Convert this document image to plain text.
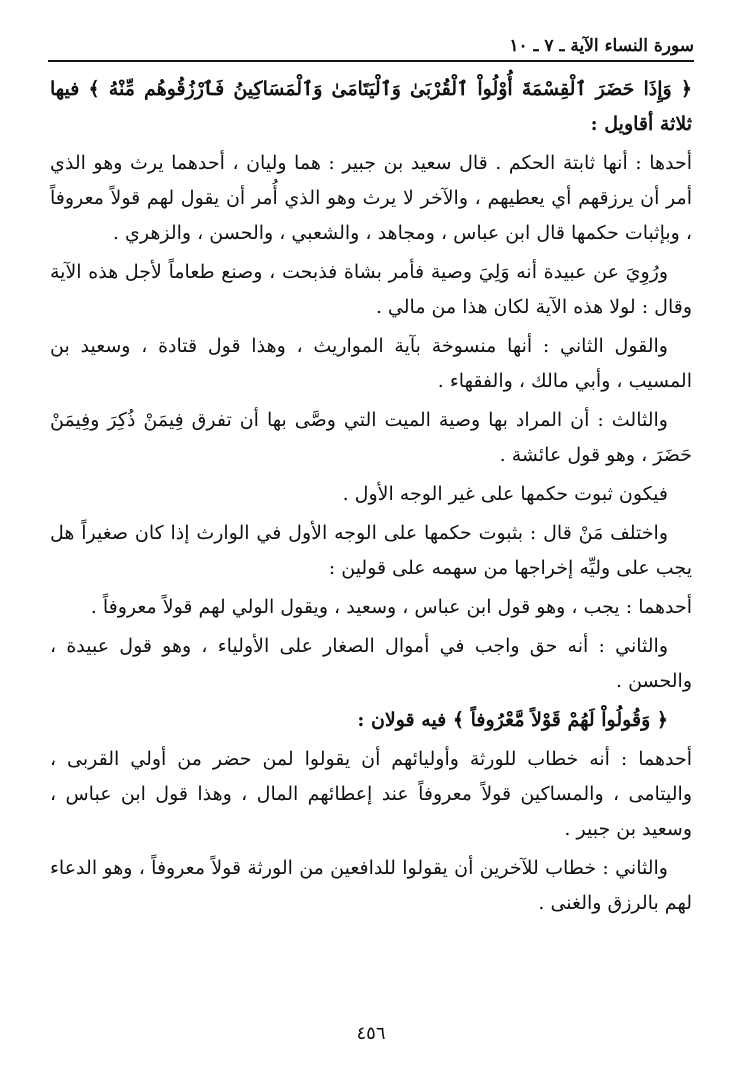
سورة النساء الآية ـ ٧ ـ ١٠

﴿ وَإِذَا حَضَرَ ٱلْقِسْمَةَ أُوْلُواْ ٱلْقُرْبَىٰ وَٱلْيَتَامَىٰ وَٱلْمَسَاكِينُ فَٱرْزُقُوهُم مِّنْهُ ﴾ فيها ثلاثة أقاويل :

أحدها : أنها ثابتة الحكم . قال سعيد بن جبير : هما وليان ، أحدهما يرث وهو الذي أمر أن يرزقهم أي يعطيهم ، والآخر لا يرث وهو الذي أُمر أن يقول لهم قولاً معروفاً ، وبإثبات حكمها قال ابن عباس ، ومجاهد ، والشعبي ، والحسن ، والزهري .

ورُوِيَ عن عبيدة أنه وَلِيَ وصية فأمر بشاة فذبحت ، وصنع طعاماً لأجل هذه الآية وقال : لولا هذه الآية لكان هذا من مالي .

والقول الثاني : أنها منسوخة بآية المواريث ، وهذا قول قتادة ، وسعيد بن المسيب ، وأبي مالك ، والفقهاء .

والثالث : أن المراد بها وصية الميت التي وصَّى بها أن تفرق فِيمَنْ ذُكِرَ وفِيمَنْ حَضَرَ ، وهو قول عائشة .

فيكون ثبوت حكمها على غير الوجه الأول .

واختلف مَنْ قال : بثبوت حكمها على الوجه الأول في الوارث إذا كان صغيراً هل يجب على وليِّه إخراجها من سهمه على قولين :

أحدهما : يجب ، وهو قول ابن عباس ، وسعيد ، ويقول الولي لهم قولاً معروفاً .

والثاني : أنه حق واجب في أموال الصغار على الأولياء ، وهو قول عبيدة ، والحسن .

﴿ وَقُولُواْ لَهُمْ قَوْلاً مَّعْرُوفاً ﴾ فيه قولان :

أحدهما : أنه خطاب للورثة وأوليائهم أن يقولوا لمن حضر من أولي القربى ، واليتامى ، والمساكين قولاً معروفاً عند إعطائهم المال ، وهذا قول ابن عباس ، وسعيد بن جبير .

والثاني : خطاب للآخرين أن يقولوا للدافعين من الورثة قولاً معروفاً ، وهو الدعاء لهم بالرزق والغنى .

٤٥٦
